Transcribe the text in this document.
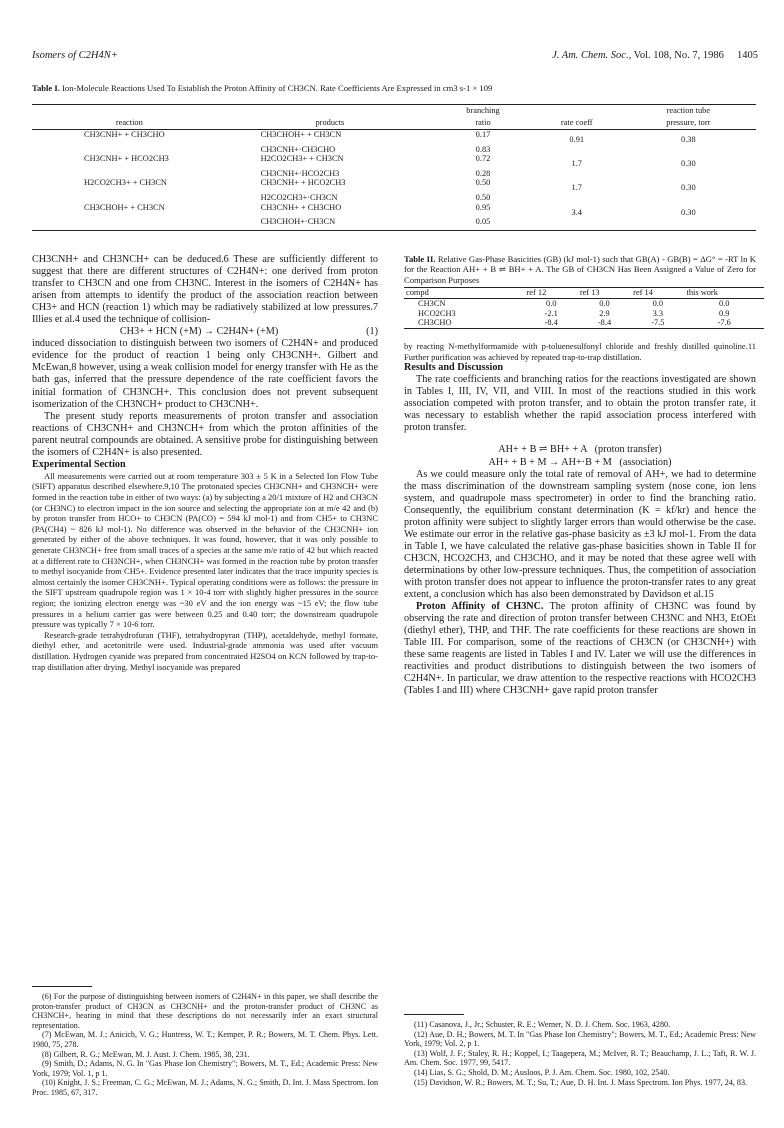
Isomers of C2H4N+	J. Am. Chem. Soc., Vol. 108, No. 7, 1986 1405
Table I. Ion-Molecule Reactions Used To Establish the Proton Affinity of CH3CN. Rate Coefficients Are Expressed in cm3 s-1 × 109
		branching		reaction tube
reaction	products	ratio	rate coeff	pressure, torr
CH3CNH+ + CH3CHO	CH3CHOH+ + CH3CN	0.17	0.91	0.38
	CH3CNH+·CH3CHO	0.83		
CH3CNH+ + HCO2CH3	H2CO2CH3+ + CH3CN	0.72	1.7	0.30
	CH3CNH+·HCO2CH3	0.28		
H2CO2CH3+ + CH3CN	CH3CNH+ + HCO2CH3	0.50	1.7	0.30
	H2CO2CH3+·CH3CN	0.50		
CH3CHOH+ + CH3CN	CH3CNH+ + CH3CHO	0.95	3.4	0.30
	CH3CHOH+·CH3CN	0.05		

CH3CNH+ and CH3NCH+ can be deduced.6 These are sufficiently different to suggest that there are different structures of C2H4N+: one derived from proton transfer to CH3CN and one from CH3NC. Interest in the isomers of C2H4N+ has arisen from attempts to identify the product of the association reaction between CH3+ and HCN (reaction 1) which may be radiatively stabilized at low pressures.7 Illies et al.4 used the technique of collision-

CH3+ + HCN (+M) → C2H4N+ (+M)	(1)

induced dissociation to distinguish between two isomers of C2H4N+ and produced evidence for the product of reaction 1 being only CH3CNH+. Gilbert and McEwan,8 however, using a weak collision model for energy transfer with He as the bath gas, inferred that the pressure dependence of the rate coefficient favors the initial formation of CH3NCH+. This conclusion does not prevent subsequent isomerization of the CH3NCH+ product to CH3CNH+.

The present study reports measurements of proton transfer and association reactions of CH3CNH+ and CH3NCH+ from which the proton affinities of the parent neutral compounds are obtained. A sensitive probe for distinguishing between the isomers of C2H4N+ is also presented.

Experimental Section

All measurements were carried out at room temperature 303 ± 5 K in a Selected Ion Flow Tube (SIFT) apparatus described elsewhere.9,10 The protonated species CH3CNH+ and CH3NCH+ were formed in the reaction tube in either of two ways: (a) by subjecting a 20/1 mixture of H2 and CH3CN (or CH3NC) to electron impact in the ion source and selecting the appropriate ion at m/e 42 and (b) by proton transfer from HCO+ to CH3CN (PA(CO) = 594 kJ mol-1) and from CH5+ to CH3NC (PA(CH4) ~ 826 kJ mol-1). No difference was observed in the behavior of the CH3CNH+ ion generated by either of the above techniques. It was found, however, that it was only possible to generate CH3NCH+ free from small traces of a species at the same m/e ratio of 42 but which reacted at a different rate to CH3NCH+, when CH3NCH+ was formed in the reaction tube by proton transfer to methyl isocyanide from CH5+. Evidence presented later indicates that the trace impurity species is almost certainly the isomer CH3CNH+. Typical operating conditions were as follows: the pressure in the SIFT upstream quadrupole region was 1 × 10-4 torr with slightly higher pressures in the source region; the ionizing electron energy was ~30 eV and the ion energy was ~15 eV; the flow tube pressures in a helium carrier gas were between 0.25 and 0.40 torr; the downstream quadrupole pressure was typically 7 × 10-6 torr.

Research-grade tetrahydrofuran (THF), tetrahydropyran (THP), acetaldehyde, methyl formate, diethyl ether, and acetonitrile were used. Industrial-grade ammonia was used after vacuum distillation. Hydrogen cyanide was prepared from concentrated H2SO4 on KCN followed by trap-to-trap distillation after drying. Methyl isocyanide was prepared

(6) For the purpose of distinguishing between isomers of C2H4N+ in this paper, we shall describe the proton-transfer product of CH3CN as CH3CNH+ and the proton-transfer product of CH3NC as CH3NCH+, bearing in mind that these descriptions do not necessarily infer an exact structural representation.

(7) McEwan, M. J.; Anicich, V. G.; Huntress, W. T.; Kemper, P. R.; Bowers, M. T. Chem. Phys. Lett. 1980, 75, 278.

(8) Gilbert, R. G.; McEwan, M. J. Aust. J. Chem. 1985, 38, 231.

(9) Smith, D.; Adams, N. G. In "Gas Phase Ion Chemistry"; Bowers, M. T., Ed.; Academic Press: New York, 1979; Vol. 1, p 1.

(10) Knight, J. S.; Freeman, C. G.; McEwan, M. J.; Adams, N. G.; Smith, D. Int. J. Mass Spectrom. Ion Proc. 1985, 67, 317.

Table II. Relative Gas-Phase Basicities (GB) (kJ mol-1) such that GB(A) - GB(B) = ΔG° = -RT ln K for the Reaction AH+ + B ⇌ BH+ + A. The GB of CH3CN Has Been Assigned a Value of Zero for Comparison Purposes

compd	ref 12	ref 13	ref 14	this work
CH3CN	0.0	0.0	0.0	0.0
HCO2CH3	-2.1	2.9	3.3	0.9
CH3CHO	-8.4	-8.4	-7.5	-7.6

by reacting N-methylformamide with p-toluenesulfonyl chloride and freshly distilled quinoline.11 Further purification was achieved by repeated trap-to-trap distillation.

Results and Discussion

The rate coefficients and branching ratios for the reactions investigated are shown in Tables I, III, IV, VII, and VIII. In most of the reactions studied in this work association competed with proton transfer, and to obtain the proton transfer rate, it was necessary to establish whether the rapid association process interfered with proton transfer.

AH+ + B ⇌ BH+ + A (proton transfer)

AH+ + B + M → AH+·B + M (association)

As we could measure only the total rate of removal of AH+, we had to determine the mass discrimination of the downstream sampling system (nose cone, ion lens system, and quadrupole mass spectrometer) in order to find the branching ratio. Consequently, the equilibrium constant determination (K = kf/kr) and hence the proton affinity were subject to slightly larger errors than would otherwise be the case. We estimate our error in the relative gas-phase basicity as ±3 kJ mol-1. From the data in Table I, we have calculated the relative gas-phase basicities shown in Table II for CH3CN, HCO2CH3, and CH3CHO, and it may be noted that these agree well with determinations by other low-pressure techniques. Thus, the competition of association with proton transfer does not appear to influence the proton-transfer rates to any great extent, a conclusion which has also been demonstrated by Davidson et al.15

Proton Affinity of CH3NC. The proton affinity of CH3NC was found by observing the rate and direction of proton transfer between CH3NC and NH3, EtOEt (diethyl ether), THP, and THF. The rate coefficients for these reactions are shown in Table III. For comparison, some of the reactions of CH3CN (or CH3CNH+) with these same reagents are listed in Tables I and IV. Later we will use the differences in reactivities and product distributions to distinguish between the two isomers of C2H4N+. In particular, we draw attention to the respective reactions with HCO2CH3 (Tables I and III) where CH3CNH+ gave rapid proton transfer

(11) Casanova, J., Jr.; Schuster, R. E.; Werner, N. D. J. Chem. Soc. 1963, 4280.

(12) Aue, D. H.; Bowers, M. T. In "Gas Phase Ion Chemistry"; Bowers, M. T., Ed.; Academic Press: New York, 1979; Vol. 2, p 1.

(13) Wolf, J. F.; Staley, R. H.; Koppel, I.; Taagepera, M.; McIver, R. T.; Beauchamp, J. L.; Taft, R. W. J. Am. Chem. Soc. 1977, 99, 5417.

(14) Lias, S. G.; Shold, D. M.; Ausloos, P. J. Am. Chem. Soc. 1980, 102, 2540.

(15) Davidson, W. R.; Bowers, M. T.; Su, T.; Aue, D. H. Int. J. Mass Spectrom. Ion Phys. 1977, 24, 83.
